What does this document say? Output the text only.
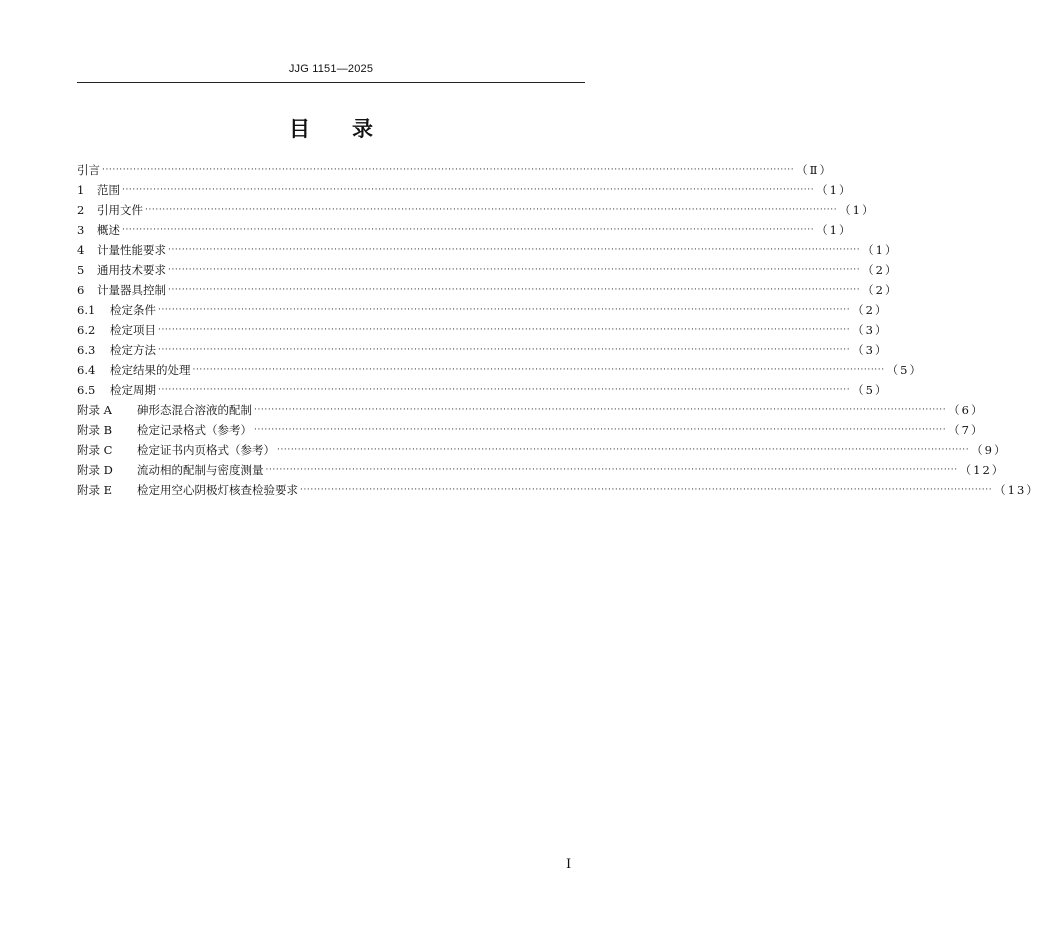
JJG 1151—2025
目　　录
引言 ········································································································································································································ （Ⅱ）
1	范围 ········································································································································································································ （1）
2	引用文件 ········································································································································································································ （1）
3	概述 ········································································································································································································ （1）
4	计量性能要求 ········································································································································································································ （1）
5	通用技术要求 ········································································································································································································ （2）
6	计量器具控制 ········································································································································································································ （2）
6.1	检定条件 ········································································································································································································ （2）
6.2	检定项目 ········································································································································································································ （3）
6.3	检定方法 ········································································································································································································ （3）
6.4	检定结果的处理 ········································································································································································································ （5）
6.5	检定周期 ········································································································································································································ （5）
附录 A	砷形态混合溶液的配制 ········································································································································································································ （6）
附录 B	检定记录格式（参考） ········································································································································································································ （7）
附录 C	检定证书内页格式（参考） ········································································································································································································ （9）
附录 D	流动相的配制与密度测量 ········································································································································································································ （12）
附录 E	检定用空心阴极灯核查检验要求 ········································································································································································································ （13）
Ⅰ
